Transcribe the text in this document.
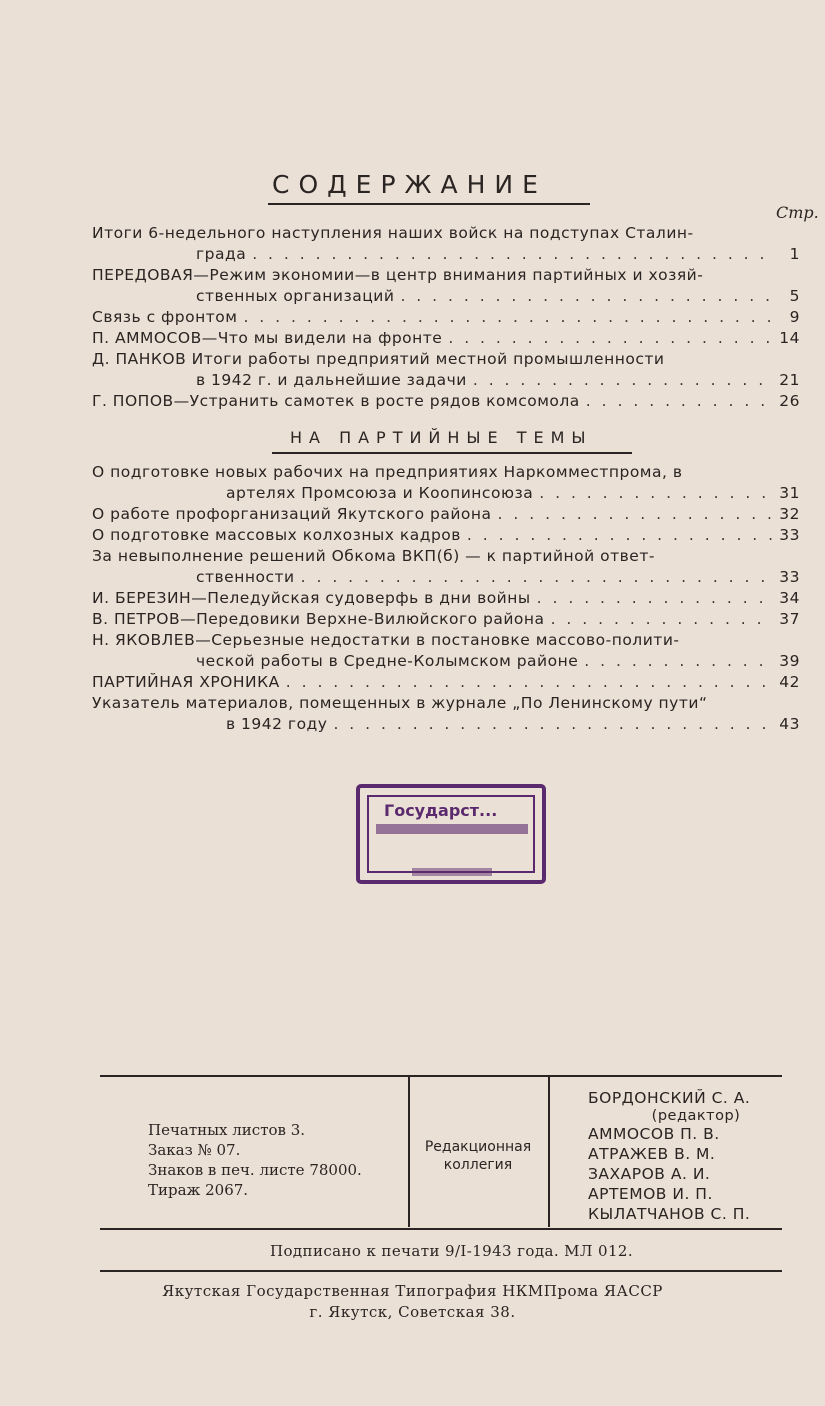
СОДЕРЖАНИЕ
Стр.
Итоги 6-недельного наступления наших войск на подступах Сталин-
града . . .	1
ПЕРЕДОВАЯ—Режим экономии—в центр внимания партийных и хозяй-
ственных организаций . . .	5
Связь с фронтом . . .	9
П. АММОСОВ—Что мы видели на фронте . . .	14
Д. ПАНКОВ Итоги работы предприятий местной промышленности
в 1942 г. и дальнейшие задачи . . .	21
Г. ПОПОВ—Устранить самотек в росте рядов комсомола . . .	26
НА ПАРТИЙНЫЕ ТЕМЫ
О подготовке новых рабочих на предприятиях Наркомместпрома, в
артелях Промсоюза и Коопинсоюза . . .	31
О работе профорганизаций Якутского района . . .	32
О подготовке массовых колхозных кадров . . .	33
За невыполнение решений Обкома ВКП(б) — к партийной ответ-
ственности . . .	33
И. БЕРЕЗИН—Пеледуйская судоверфь в дни войны . . .	34
В. ПЕТРОВ—Передовики Верхне-Вилюйского района . . .	37
Н. ЯКОВЛЕВ—Серьезные недостатки в постановке массово-полити-
ческой работы в Средне-Колымском районе . . .	39
ПАРТИЙНАЯ ХРОНИКА . . .	42
Указатель материалов, помещенных в журнале „По Ленинскому пути“
в 1942 году . . .	43
Государст...
Печатных листов 3.
Заказ № 07.
Знаков в печ. листе 78000.
Тираж 2067.
Редакционная
коллегия
БОРДОНСКИЙ С. А.
(редактор)
АММОСОВ П. В.
АТРАЖЕВ В. М.
ЗАХАРОВ А. И.
АРТЕМОВ И. П.
КЫЛАТЧАНОВ С. П.
Подписано к печати 9/I-1943 года. МЛ 012.
Якутская Государственная Типография НКМПрома ЯАССР
г. Якутск, Советская 38.
